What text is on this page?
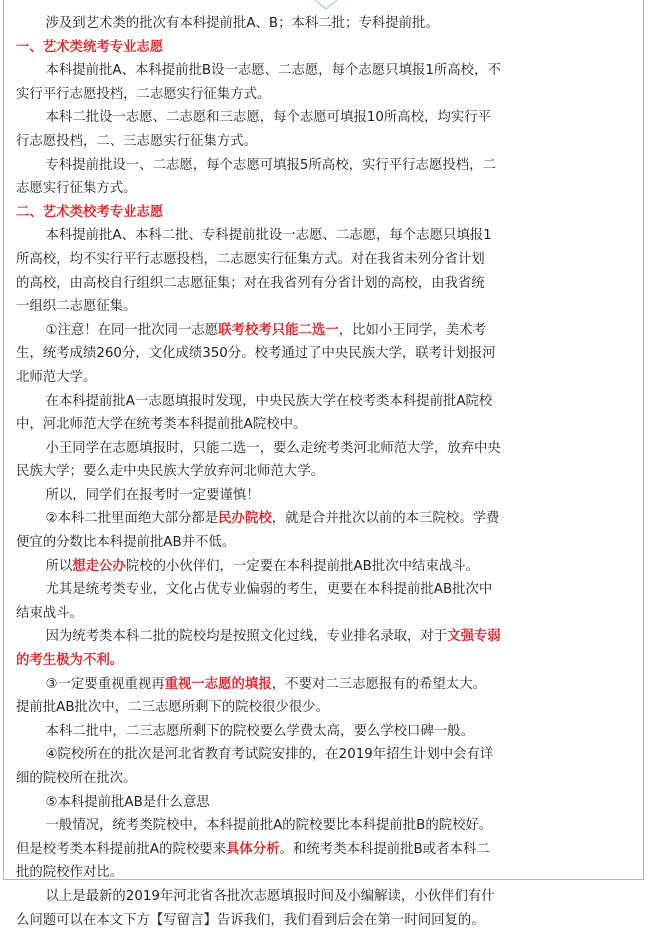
涉及到艺术类的批次有本科提前批A、B；本科二批；专科提前批。
一、艺术类统考专业志愿
本科提前批A、本科提前批B设一志愿、二志愿，每个志愿只填报1所高校，不
实行平行志愿投档，二志愿实行征集方式。
本科二批设一志愿、二志愿和三志愿，每个志愿可填报10所高校，均实行平
行志愿投档，二、三志愿实行征集方式。
专科提前批设一、二志愿，每个志愿可填报5所高校，实行平行志愿投档，二
志愿实行征集方式。
二、艺术类校考专业志愿
本科提前批A、本科二批、专科提前批设一志愿、二志愿，每个志愿只填报1
所高校，均不实行平行志愿投档，二志愿实行征集方式。对在我省未列分省计划
的高校，由高校自行组织二志愿征集；对在我省列有分省计划的高校，由我省统
一组织二志愿征集。
①注意！在同一批次同一志愿联考校考只能二选一，比如小王同学，美术考
生，统考成绩260分，文化成绩350分。校考通过了中央民族大学，联考计划报河
北师范大学。
在本科提前批A一志愿填报时发现，中央民族大学在校考类本科提前批A院校
中，河北师范大学在统考类本科提前批A院校中。
小王同学在志愿填报时，只能二选一，要么走统考类河北师范大学，放弃中央
民族大学；要么走中央民族大学放弃河北师范大学。
所以，同学们在报考时一定要谨慎！
②本科二批里面绝大部分都是民办院校，就是合并批次以前的本三院校。学费
便宜的分数比本科提前批AB并不低。
所以想走公办院校的小伙伴们，一定要在本科提前批AB批次中结束战斗。
尤其是统考类专业，文化占优专业偏弱的考生，更要在本科提前批AB批次中
结束战斗。
因为统考类本科二批的院校均是按照文化过线，专业排名录取，对于文强专弱
的考生极为不利。
③一定要重视重视再重视一志愿的填报，不要对二三志愿报有的希望太大。
提前批AB批次中，二三志愿所剩下的院校很少很少。
本科二批中，二三志愿所剩下的院校要么学费太高，要么学校口碑一般。
④院校所在的批次是河北省教育考试院安排的，在2019年招生计划中会有详
细的院校所在批次。
⑤本科提前批AB是什么意思
一般情况，统考类院校中，本科提前批A的院校要比本科提前批B的院校好。
但是校考类本科提前批A的院校要来具体分析。和统考类本科提前批B或者本科二
批的院校作对比。
以上是最新的2019年河北省各批次志愿填报时间及小编解读，小伙伴们有什
么问题可以在本文下方【写留言】告诉我们，我们看到后会在第一时间回复的。
